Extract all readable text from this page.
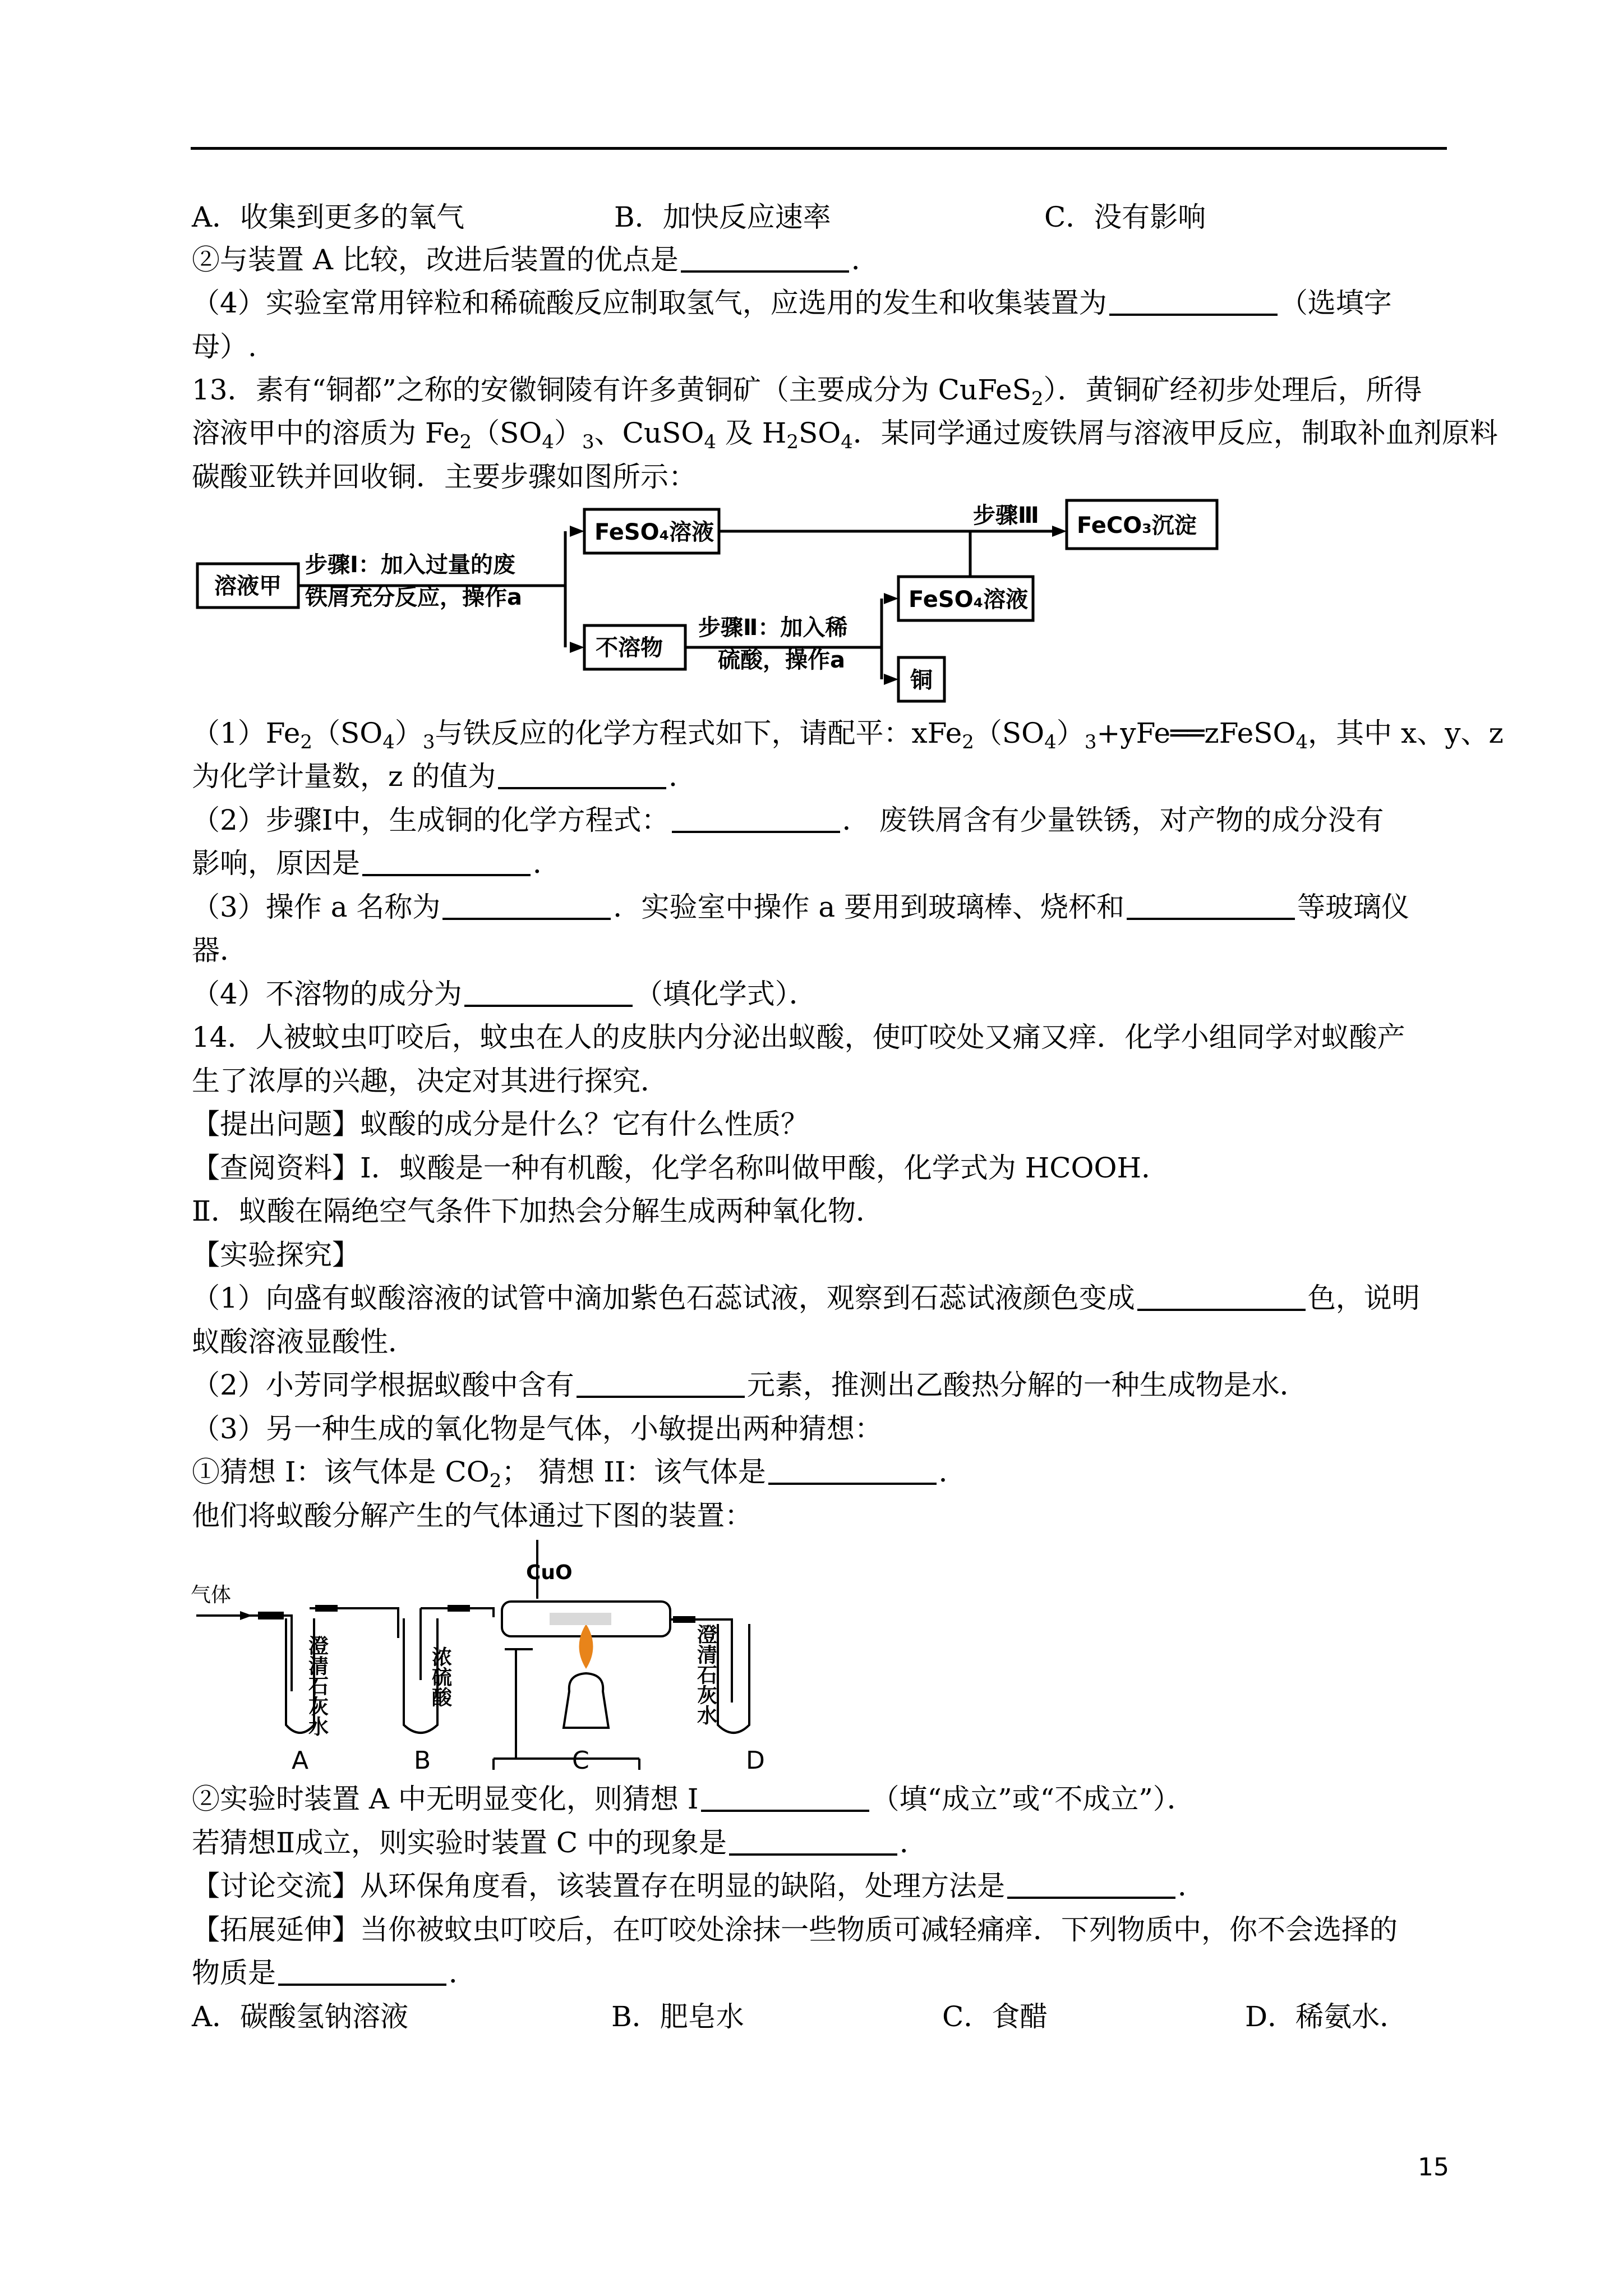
A．收集到更多的氧气	B．加快反应速率	C．没有影响
②与装置 A 比较，改进后装置的优点是	．
（4）实验室常用锌粒和稀硫酸反应制取氢气，应选用的发生和收集装置为	（选填字
母）.
13．素有“铜都”之称的安徽铜陵有许多黄铜矿（主要成分为 CuFeS$_2$）．黄铜矿经初步处理后，所得
溶液甲中的溶质为 $Fe_2(SO_4)_3$、CuSO$_4$ 及 $H_2SO_4$．某同学通过废铁屑与溶液甲反应，制取补血剂原料
碳酸亚铁并回收铜．主要步骤如图所示：
溶液甲
步骤Ⅰ：加入过量的废
铁屑充分反应，操作a
FeSO₄溶液
步骤Ⅲ FeCO₃沉淀
不溶物
步骤Ⅱ：加入稀
硫酸，操作a
FeSO₄溶液
铜
$(1)Fe_2(SO_4)_3$与铁反应的化学方程式如下，请配平：$xFe_2(SO_4)_3+yFe══zFeSO_4$，其中 x、y、z
为化学计量数，z 的值为	．
（2）步骤Ⅰ中，生成铜的化学方程式：	． 废铁屑含有少量铁锈，对产物的成分没有
影响，原因是	．
（3）操作 a 名称为	．实验室中操作 a 要用到玻璃棒、烧杯和	等玻璃仪
器．
（4）不溶物的成分为	（填化学式）．
14．人被蚊虫叮咬后，蚊虫在人的皮肤内分泌出蚁酸，使叮咬处又痛又痒．化学小组同学对蚁酸产
生了浓厚的兴趣，决定对其进行探究．
【提出问题】蚁酸的成分是什么？它有什么性质？
【查阅资料】Ⅰ．蚁酸是一种有机酸，化学名称叫做甲酸，化学式为 HCOOH．
Ⅱ．蚁酸在隔绝空气条件下加热会分解生成两种氧化物．
【实验探究】
（1）向盛有蚁酸溶液的试管中滴加紫色石蕊试液，观察到石蕊试液颜色变成	色，说明
蚁酸溶液显酸性．
（2）小芳同学根据蚁酸中含有	元素，推测出乙酸热分解的一种生成物是水．
（3）另一种生成的氧化物是气体，小敏提出两种猜想：
①猜想 I：该气体是 $CO_2$； 猜想 II：该气体是	．
他们将蚁酸分解产生的气体通过下图的装置：
气体
CuO
澄清石灰水	浓硫酸	澄清石灰水
A	B	C	D
②实验时装置 A 中无明显变化，则猜想 I	（填“成立”或“不成立”）．
若猜想Ⅱ成立，则实验时装置 C 中的现象是	．
【讨论交流】从环保角度看，该装置存在明显的缺陷，处理方法是	．
【拓展延伸】当你被蚊虫叮咬后，在叮咬处涂抹一些物质可减轻痛痒．下列物质中，你不会选择的
物质是	．
A．碳酸氢钠溶液	B．肥皂水	C．食醋	D．稀氨水．
15
